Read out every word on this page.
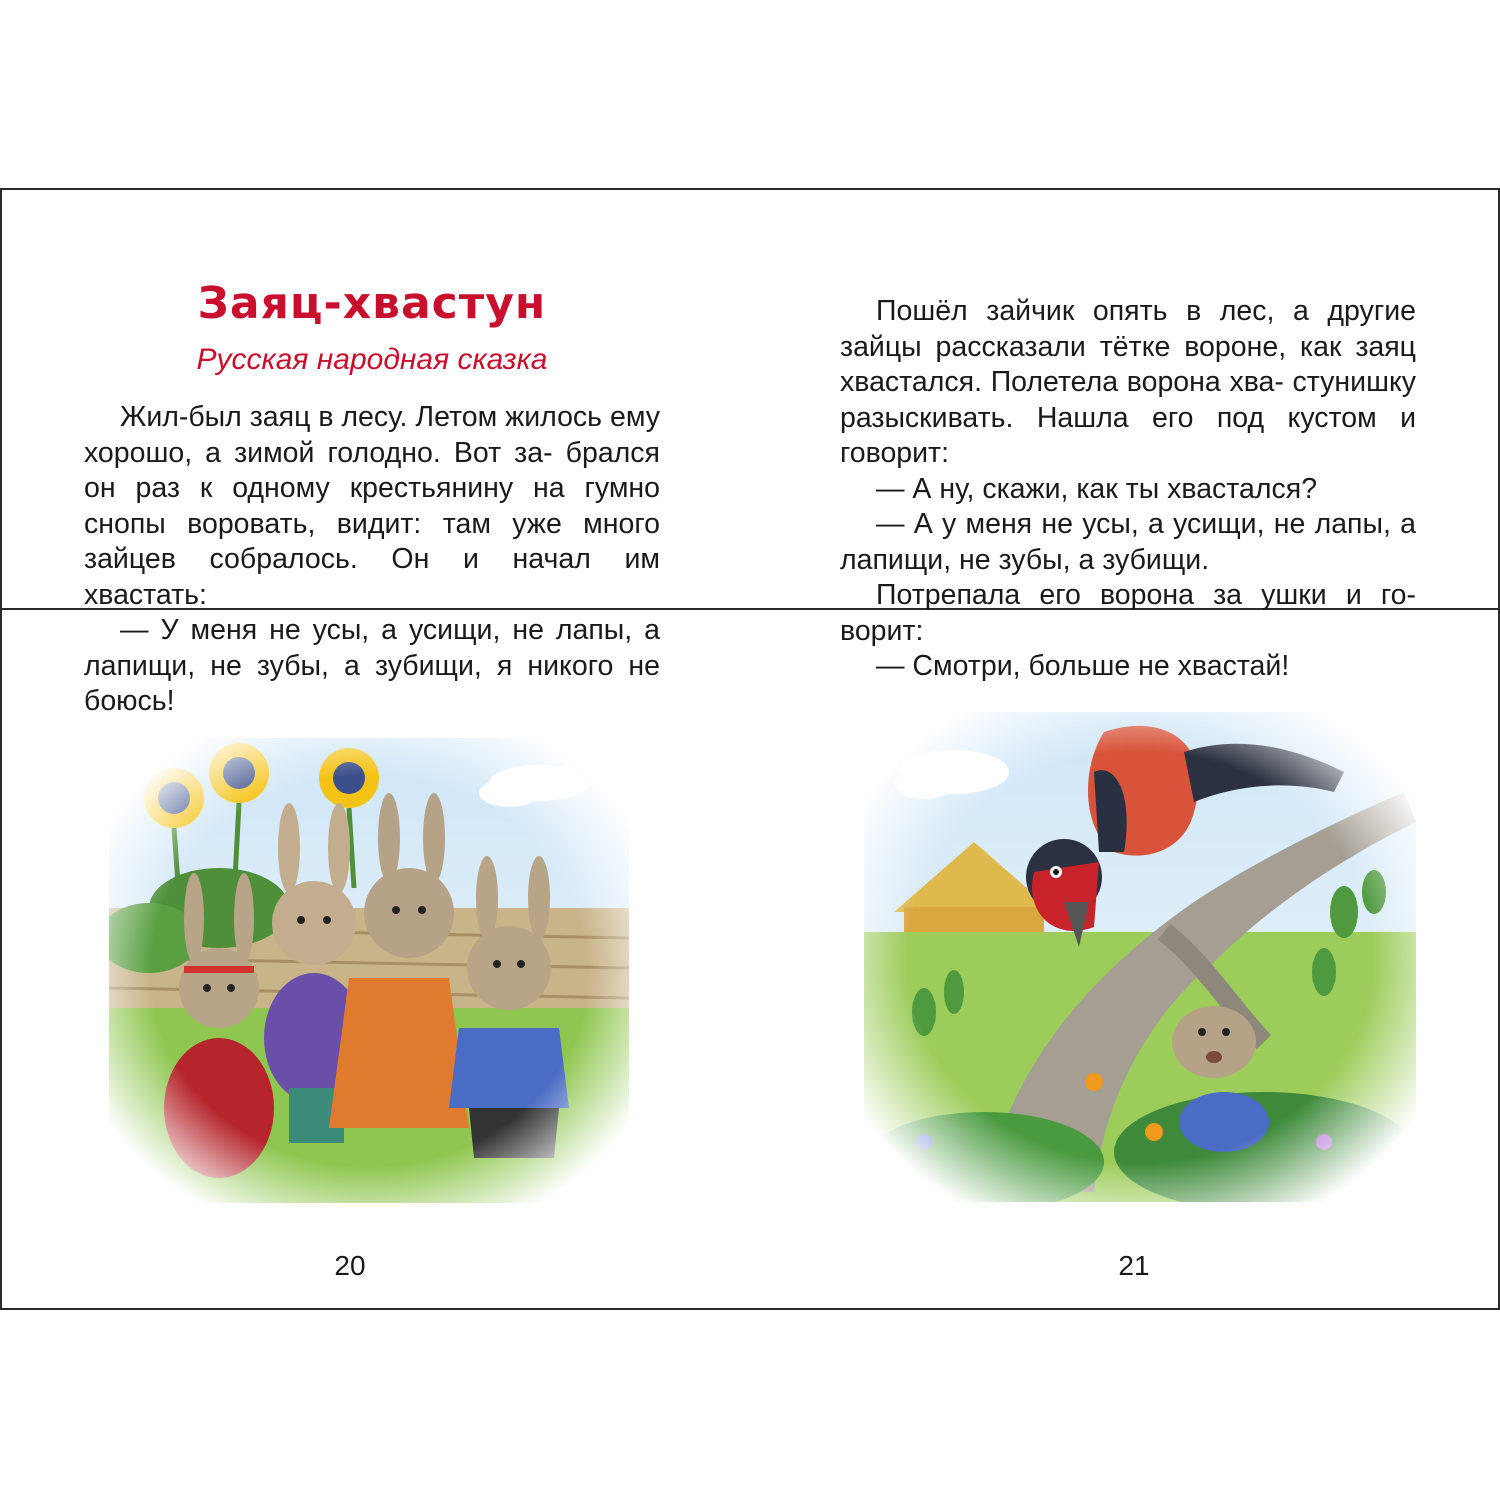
Заяц-хвастун
Русская народная сказка

Жил-был заяц в лесу. Летом жилось ему хорошо, а зимой голодно. Вот за- брался он раз к одному крестьянину на гумно снопы воровать, видит: там уже много зайцев собралось. Он и начал им хвастать:

— У меня не усы, а усищи, не лапы, а лапищи, не зубы, а зубищи, я никого не боюсь!

20

Пошёл зайчик опять в лес, а другие зайцы рассказали тётке вороне, как заяц хвастался. Полетела ворона хва- стунишку разыскивать. Нашла его под кустом и говорит:

— А ну, скажи, как ты хвастался?

— А у меня не усы, а усищи, не лапы, а лапищи, не зубы, а зубищи.

Потрепала его ворона за ушки и го- ворит:

— Смотри, больше не хвастай!

21
